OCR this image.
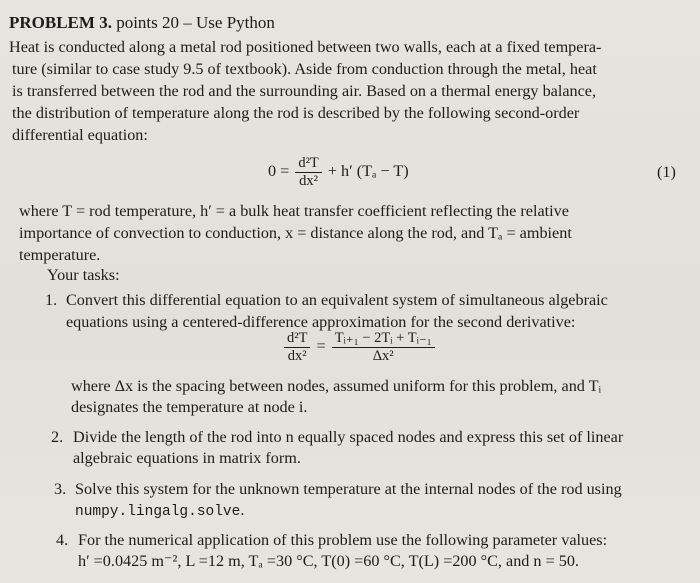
PROBLEM 3. points 20 – Use Python
Heat is conducted along a metal rod positioned between two walls, each at a fixed tempera-
ture (similar to case study 9.5 of textbook). Aside from conduction through the metal, heat
is transferred between the rod and the surrounding air. Based on a thermal energy balance,
the distribution of temperature along the rod is described by the following second-order
differential equation:
$0 = \frac{\text{d²T}}{\text{dx²}} + h'$ (Tₐ − T)	(1)
where T = rod temperature, h′ = a bulk heat transfer coefficient reflecting the relative
importance of convection to conduction, x = distance along the rod, and Tₐ = ambient
temperature.
Your tasks:
1. Convert this differential equation to an equivalent system of simultaneous algebraic
equations using a centered-difference approximation for the second derivative:
$\frac{\text{d²T}}{\text{dx²}} = \frac{\text{Tᵢ₊₁ − 2Tᵢ + Tᵢ₋₁}}{\text{Δx²}}$
where Δx is the spacing between nodes, assumed uniform for this problem, and Tᵢ
designates the temperature at node i.
2. Divide the length of the rod into n equally spaced nodes and express this set of linear
algebraic equations in matrix form.
3. Solve this system for the unknown temperature at the internal nodes of the rod using
numpy.lingalg.solve.
4. For the numerical application of this problem use the following parameter values:
h′ =0.0425 m⁻², L =12 m, Tₐ =30 °C, T(0) =60 °C, T(L) =200 °C, and n = 50.
